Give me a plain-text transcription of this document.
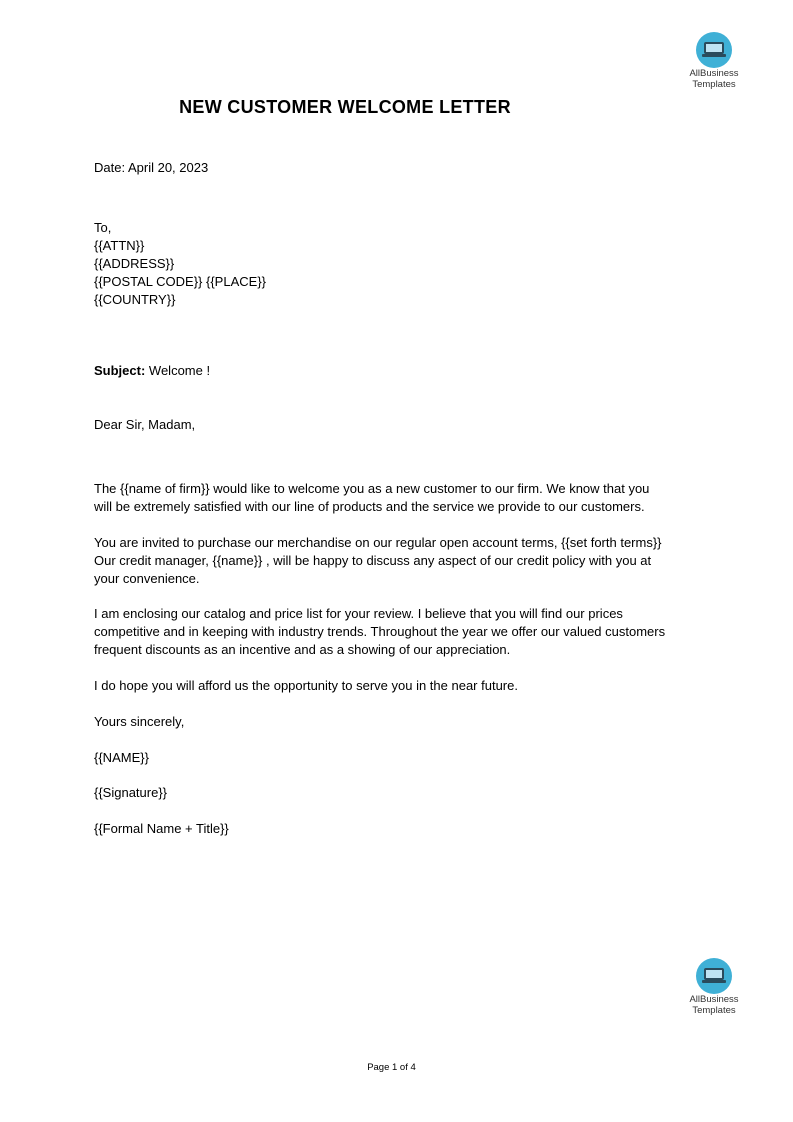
AllBusiness
Templates
NEW CUSTOMER WELCOME LETTER

Date: April 20, 2023

To,

{{ATTN}}

{{ADDRESS}}

{{POSTAL CODE}} {{PLACE}}

{{COUNTRY}}

Subject: Welcome !

Dear Sir, Madam,

The {{name of firm}} would like to welcome you as a new customer to our firm. We know that you

will be extremely satisfied with our line of products and the service we provide to our customers.

You are invited to purchase our merchandise on our regular open account terms, {{set forth terms}}

Our credit manager, {{name}} , will be happy to discuss any aspect of our credit policy with you at

your convenience.

I am enclosing our catalog and price list for your review. I believe that you will find our prices

competitive and in keeping with industry trends. Throughout the year we offer our valued customers

frequent discounts as an incentive and as a showing of our appreciation.

I do hope you will afford us the opportunity to serve you in the near future.

Yours sincerely,

{{NAME}}

{{Signature}}

{{Formal Name + Title}}

AllBusiness
Templates
Page 1 of 4
